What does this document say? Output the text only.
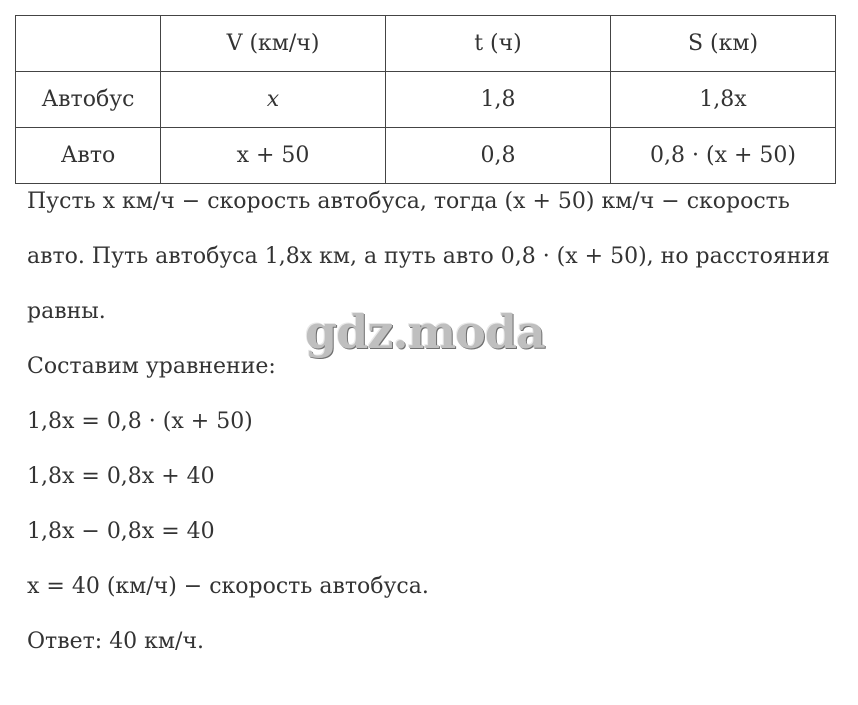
	V (км/ч)	t (ч)	S (км)
Автобус	x	1,8	1,8x
Авто	x + 50	0,8	0,8 · (x + 50)
Пусть x км/ч − скорость автобуса, тогда (x + 50) км/ч − скорость
авто. Путь автобуса 1,8x км, а путь авто 0,8 · (x + 50), но расстояния
равны.
Составим уравнение:
1,8x = 0,8 · (x + 50)
1,8x = 0,8x + 40
1,8x − 0,8x = 40
x = 40 (км/ч) − скорость автобуса.
Ответ: 40 км/ч.
gdz.moda
